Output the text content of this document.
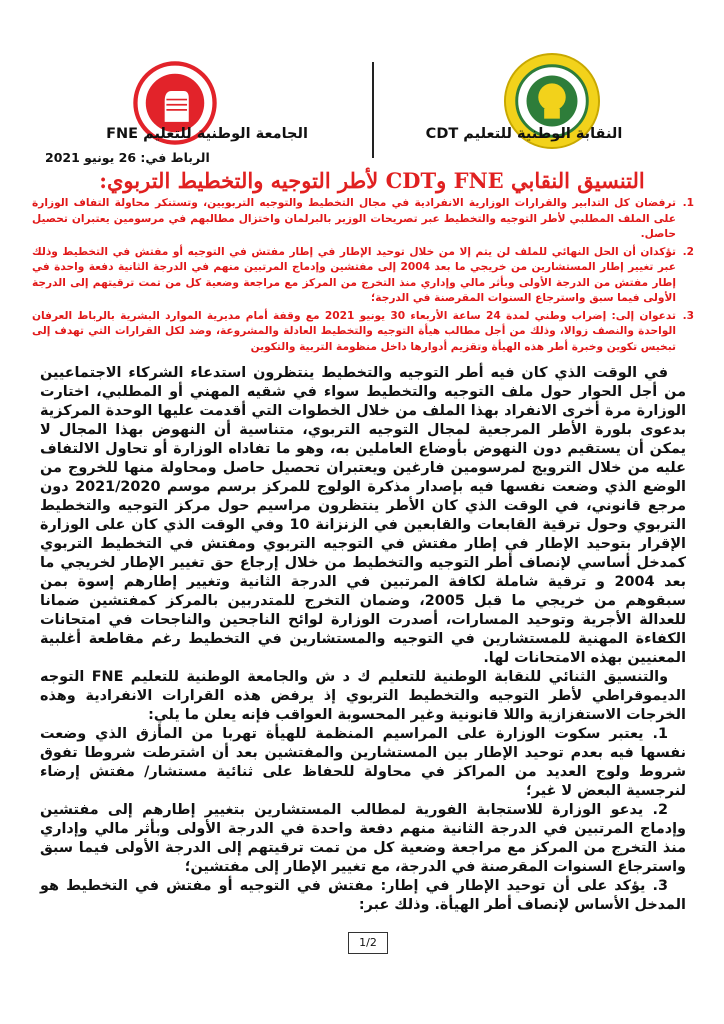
النقابة الوطنية للتعليم CDT
الجامعة الوطنية للتعليم FNE
الرباط في: 26 يونيو 2021
التنسيق النقابي FNE وCDT لأطر التوجيه والتخطيط التربوي:
1.
ترفضان كل التدابير والقرارات الوزارية الانفرادية في مجال التخطيط والتوجيه التربويين، وتستنكر محاولة التفاف الوزارة على الملف المطلبي لأطر التوجيه والتخطيط عبر تصريحات الوزير بالبرلمان واختزال مطالبهم في مرسومين يعتبران تحصيل حاصل.
2.
تؤكدان أن الحل النهائي للملف لن يتم إلا من خلال توحيد الإطار في إطار مفتش في التوجيه أو مفتش في التخطيط وذلك عبر تغيير إطار المستشارين من خريجي ما بعد 2004 إلى مفتشين وإدماج المرتبين منهم في الدرجة الثانية دفعة واحدة في إطار مفتش من الدرجة الأولى وبأثر مالي وإداري منذ التخرج من المركز مع مراجعة وضعية كل من تمت ترقيتهم إلى الدرجة الأولى فيما سبق واسترجاع السنوات المقرصنة في الدرجة؛
3.
تدعوان إلى: إضراب وطني لمدة 24 ساعة الأربعاء 30 يونيو 2021 مع وقفة أمام مديرية الموارد البشرية بالرباط العرفان الواحدة والنصف زوالا، وذلك من أجل مطالب هيأة التوجيه والتخطيط العادلة والمشروعة، وضد لكل القرارات التي تهدف إلى تبخيس تكوين وخبرة أطر هذه الهيأة وتقزيم أدوارها داخل منظومة التربية والتكوين

في الوقت الذي كان فيه أطر التوجيه والتخطيط ينتظرون استدعاء الشركاء الاجتماعيين من أجل الحوار حول ملف التوجيه والتخطيط سواء في شقيه المهني أو المطلبي، اختارت الوزارة مرة أخرى الانفراد بهذا الملف من خلال الخطوات التي أقدمت عليها الوحدة المركزية بدعوى بلورة الأطر المرجعية لمجال التوجيه التربوي، متناسية أن النهوض بهذا المجال لا يمكن أن يستقيم دون النهوض بأوضاع العاملين به، وهو ما تفاداه الوزارة أو تحاول الالتفاف عليه من خلال الترويج لمرسومين فارغين ويعتبران تحصيل حاصل ومحاولة منها للخروج من الوضع الذي وضعت نفسها فيه بإصدار مذكرة الولوج للمركز برسم موسم 2021/2020 دون مرجع قانوني، في الوقت الذي كان الأطر ينتظرون مراسيم حول مركز التوجيه والتخطيط التربوي وحول ترقية القابعات والقابعين في الزنزانة 10 وفي الوقت الذي كان على الوزارة الإقرار بتوحيد الإطار في إطار مفتش في التوجيه التربوي ومفتش في التخطيط التربوي كمدخل أساسي لإنصاف أطر التوجيه والتخطيط من خلال إرجاع حق تغيير الإطار لخريجي ما بعد 2004 و ترقية شاملة لكافة المرتبين في الدرجة الثانية وتغيير إطارهم إسوة بمن سبقوهم من خريجي ما قبل 2005، وضمان التخرج للمتدربين بالمركز كمفتشين ضمانا للعدالة الأجرية وتوحيد المسارات، أصدرت الوزارة لوائح الناجحين والناجحات في امتحانات الكفاءة المهنية للمستشارين في التوجيه والمستشارين في التخطيط رغم مقاطعة أغلبية المعنيين بهذه الامتحانات لها.

والتنسيق الثنائي للنقابة الوطنية للتعليم ك د ش والجامعة الوطنية للتعليم FNE التوجه الديموقراطي لأطر التوجيه والتخطيط التربوي إذ يرفض هذه القرارات الانفرادية وهذه الخرجات الاستفزازية واللا قانونية وغير المحسوبة العواقب فإنه يعلن ما يلي:

1. يعتبر سكوت الوزارة على المراسيم المنظمة للهيأة تهربا من المأزق الذي وضعت نفسها فيه بعدم توحيد الإطار بين المستشارين والمفتشين بعد أن اشترطت شروطا تفوق شروط ولوج العديد من المراكز في محاولة للحفاظ على ثنائية مستشار/ مفتش إرضاء لنرجسية البعض لا غير؛

2. يدعو الوزارة للاستجابة الفورية لمطالب المستشارين بتغيير إطارهم إلى مفتشين وإدماج المرتبين في الدرجة الثانية منهم دفعة واحدة في الدرجة الأولى وبأثر مالي وإداري منذ التخرج من المركز مع مراجعة وضعية كل من تمت ترقيتهم إلى الدرجة الأولى فيما سبق واسترجاع السنوات المقرصنة في الدرجة، مع تغيير الإطار إلى مفتشين؛

3. يؤكد على أن توحيد الإطار في إطار: مفتش في التوجيه أو مفتش في التخطيط هو المدخل الأساس لإنصاف أطر الهيأة. وذلك عبر:

1/2
